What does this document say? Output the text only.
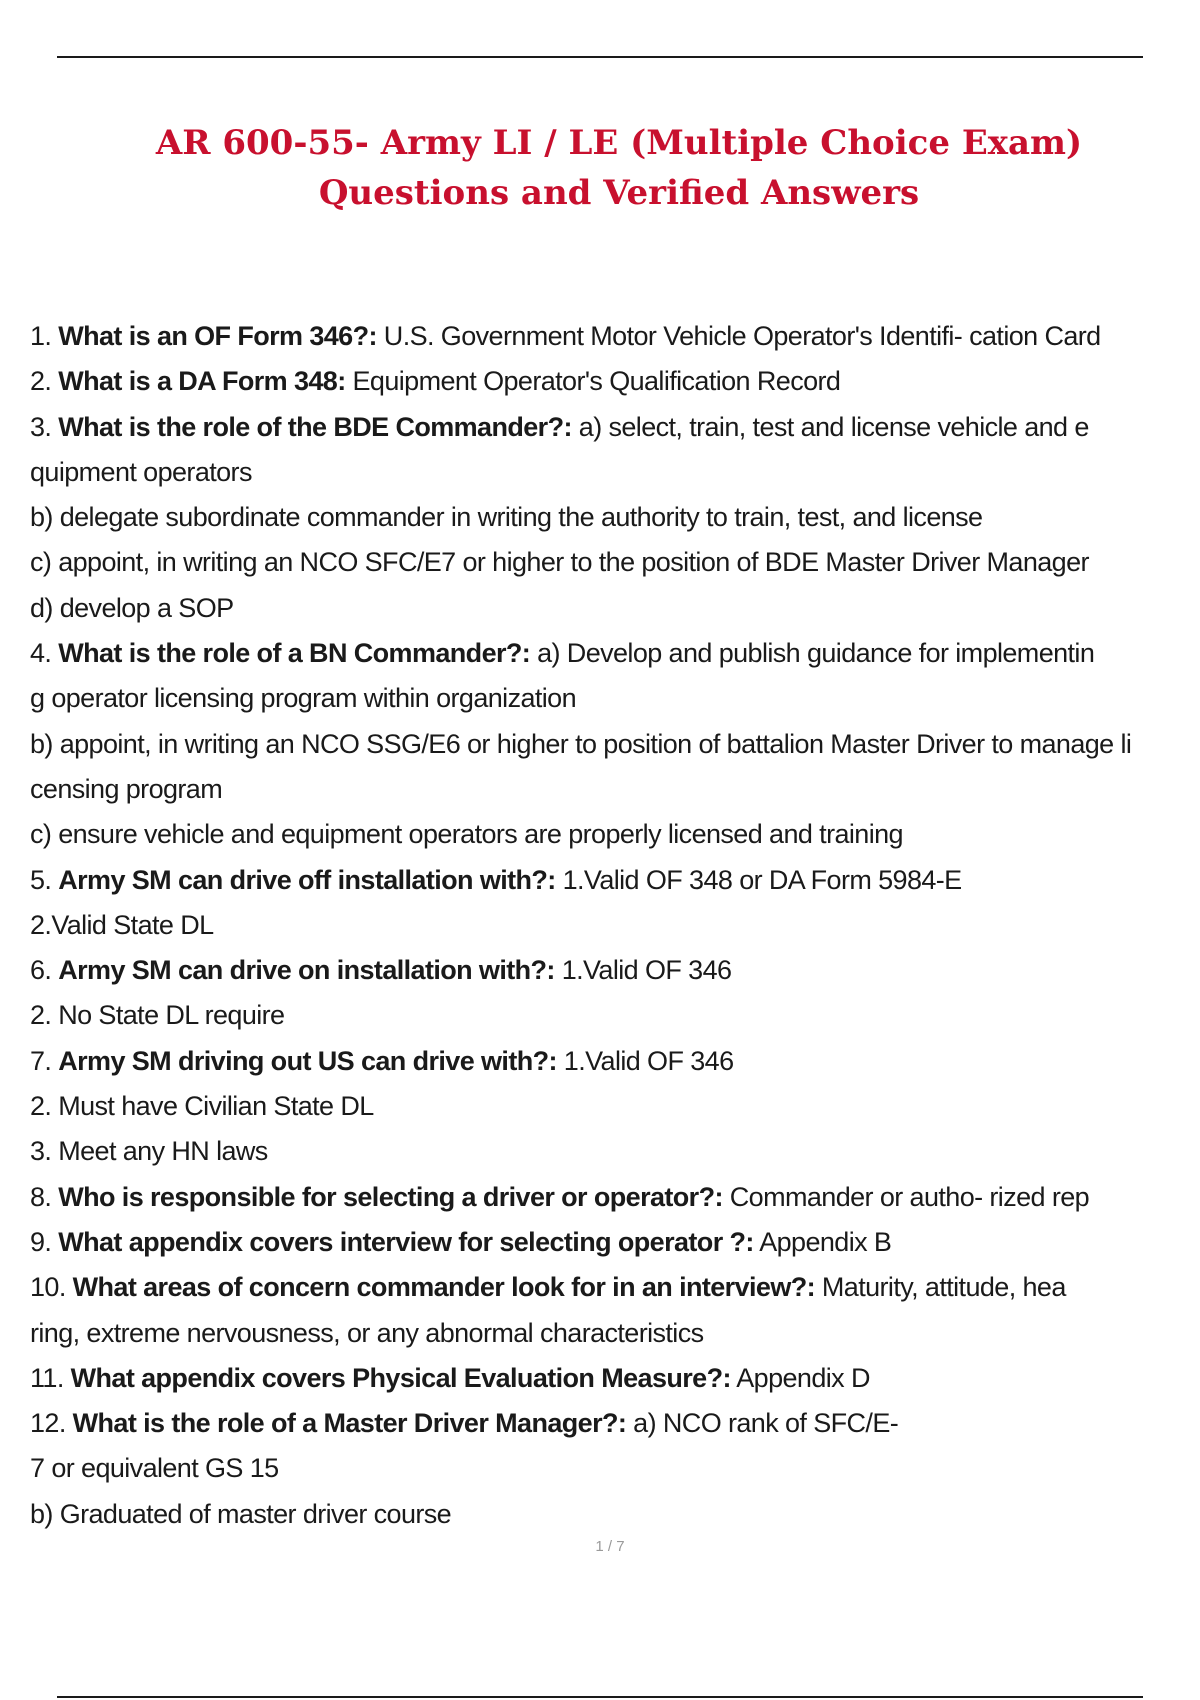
AR 600-55- Army LI / LE (Multiple Choice Exam)
Questions and Verified Answers
1. What is an OF Form 346?: U.S. Government Motor Vehicle Operator's Identifi- cation Card
2. What is a DA Form 348: Equipment Operator's Qualification Record
3. What is the role of the BDE Commander?: a) select, train, test and license vehicle and e
quipment operators
b) delegate subordinate commander in writing the authority to train, test, and license
c) appoint, in writing an NCO SFC/E7 or higher to the position of BDE Master Driver Manager
d) develop a SOP
4. What is the role of a BN Commander?: a) Develop and publish guidance for implementin
g operator licensing program within organization
b) appoint, in writing an NCO SSG/E6 or higher to position of battalion Master Driver to manage li
censing program
c) ensure vehicle and equipment operators are properly licensed and training
5. Army SM can drive off installation with?: 1.Valid OF 348 or DA Form 5984-E
2.Valid State DL
6. Army SM can drive on installation with?: 1.Valid OF 346
2. No State DL require
7. Army SM driving out US can drive with?: 1.Valid OF 346
2. Must have Civilian State DL
3. Meet any HN laws
8. Who is responsible for selecting a driver or operator?: Commander or autho- rized rep
9. What appendix covers interview for selecting operator ?: Appendix B
10. What areas of concern commander look for in an interview?: Maturity, attitude, hea
ring, extreme nervousness, or any abnormal characteristics
11. What appendix covers Physical Evaluation Measure?: Appendix D
12. What is the role of a Master Driver Manager?: a) NCO rank of SFC/E-
7 or equivalent GS 15
b) Graduated of master driver course
1 / 7
